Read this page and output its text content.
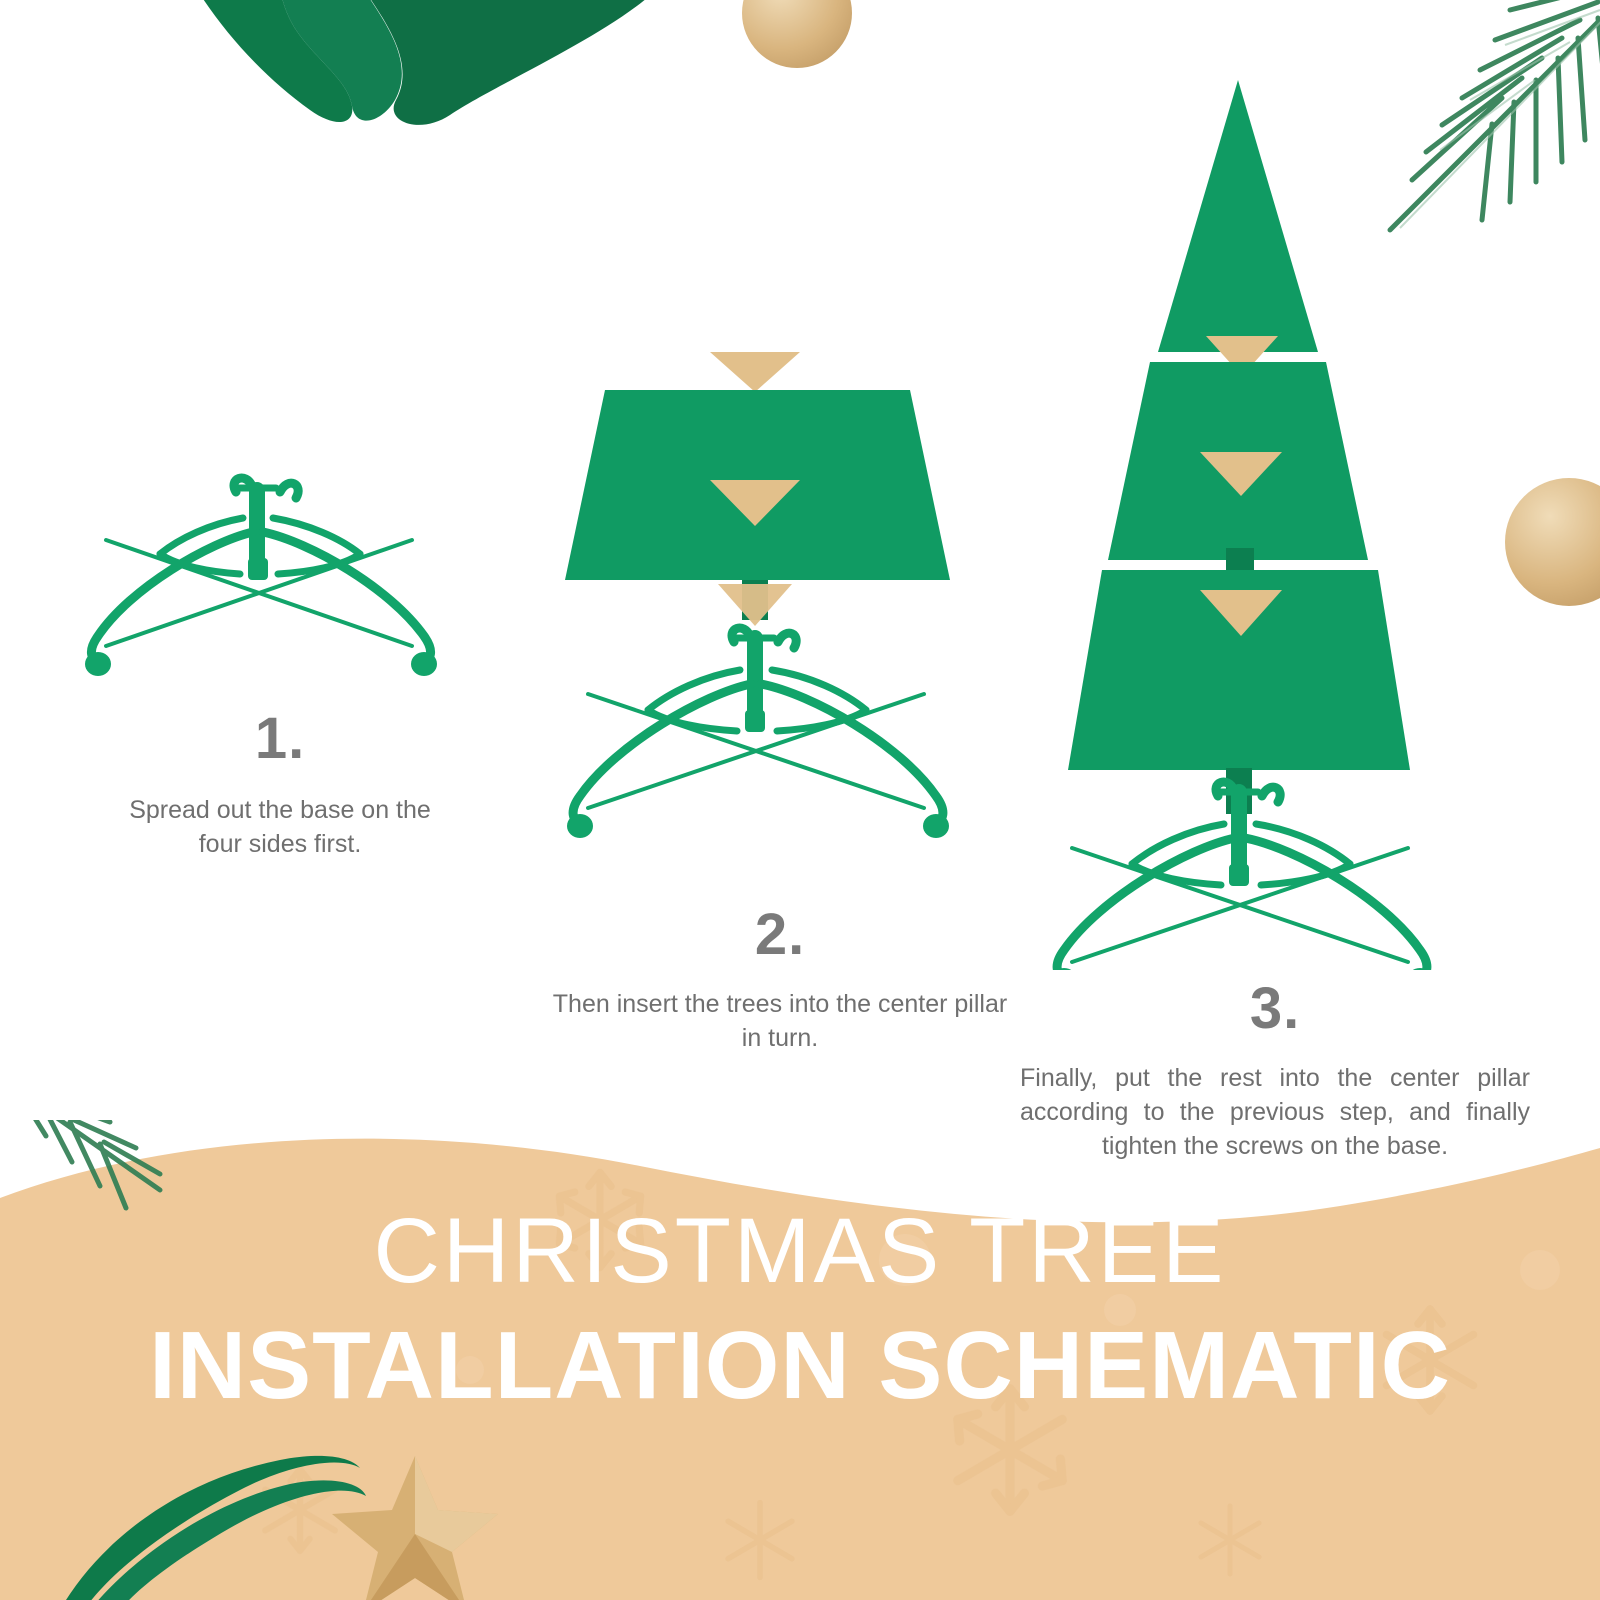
1.
Spread out the base on the four sides first.
2.
Then insert the trees into the center pillar in turn.	3.
Finally, put the rest into the center pillar according to the previous step, and finally tighten the screws on the base.
CHRISTMAS TREE
INSTALLATION SCHEMATIC
